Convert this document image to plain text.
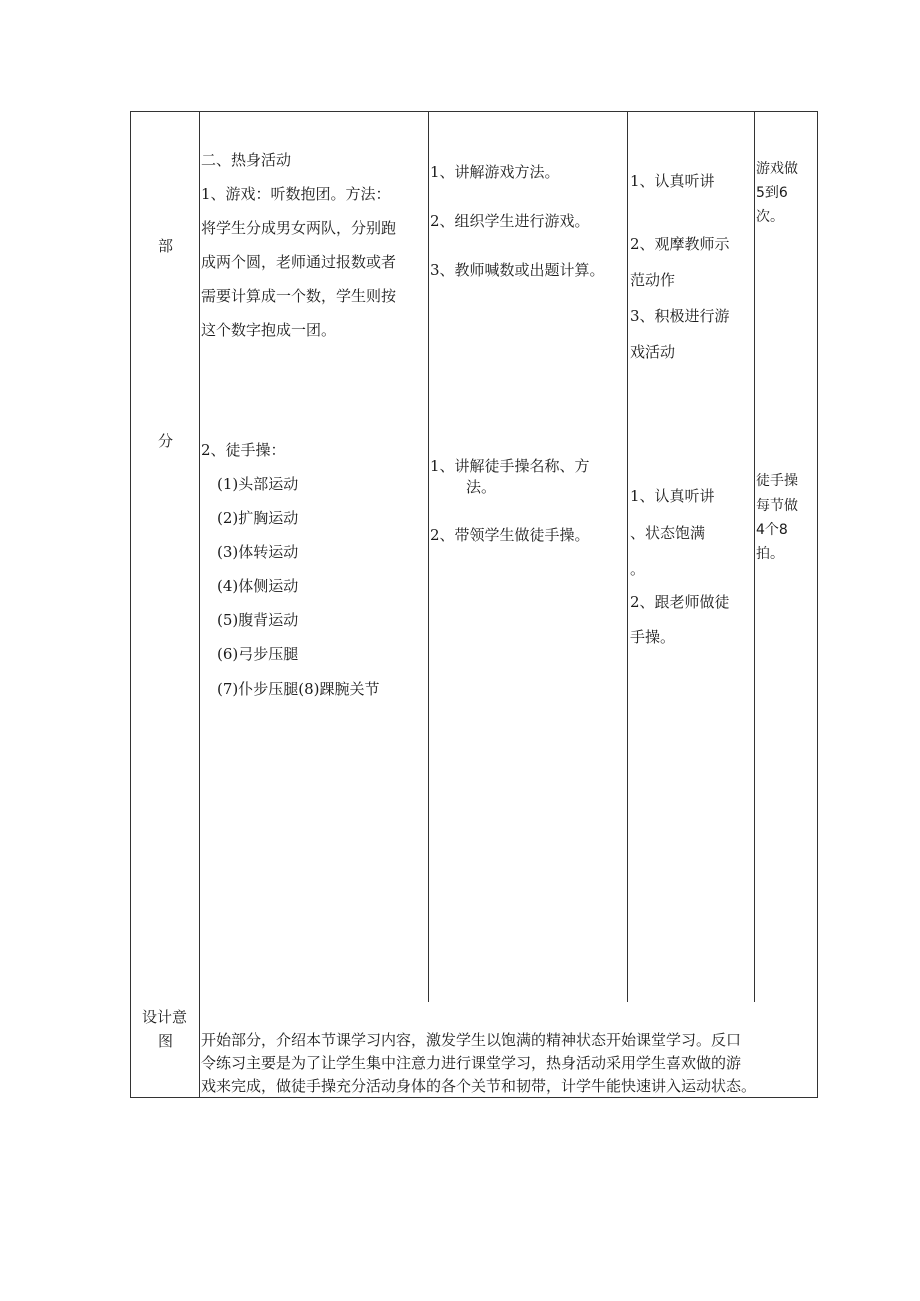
部
分
二、热身活动
1、游戏：听数抱团。方法：
将学生分成男女两队，分别跑
成两个圆，老师通过报数或者
需要计算成一个数，学生则按
这个数字抱成一团。
2、徒手操：
(1)头部运动
(2)扩胸运动
(3)体转运动
(4)体侧运动
(5)腹背运动
(6)弓步压腿
(7)仆步压腿(8)踝腕关节
1、讲解游戏方法。
2、组织学生进行游戏。
3、教师喊数或出题计算。
1、讲解徒手操名称、方
法。
2、带领学生做徒手操。
1、认真听讲
2、观摩教师示
范动作
3、积极进行游
戏活动
1、认真听讲
、状态饱满
。
2、跟老师做徒
手操。
游戏做
5到6
次。
徒手操
每节做
4个8
拍。
设计意
图 开始部分，介绍本节课学习内容，激发学生以饱满的精神状态开始课堂学习。反口
令练习主要是为了让学生集中注意力进行课堂学习，热身活动采用学生喜欢做的游
戏来完成，做徒手操充分活动身体的各个关节和韧带，计学牛能快速讲入运动状态。
